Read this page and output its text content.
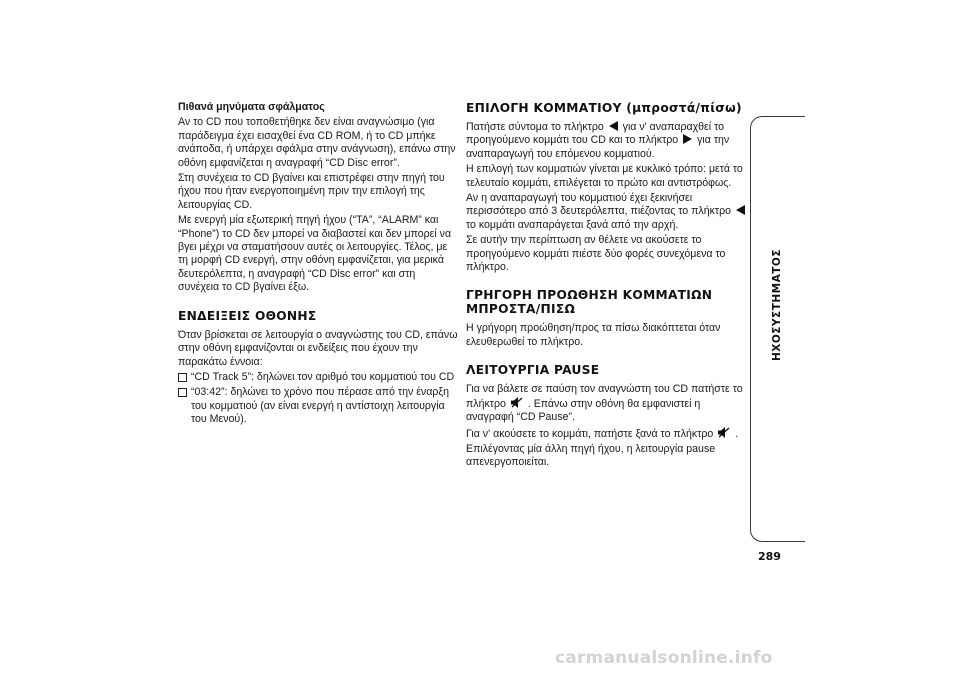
Πιθανά μηνύματα σφάλματος

Αν το CD που τοποθετήθηκε δεν είναι αναγνώσιμο (για παράδειγμα έχει εισαχθεί ένα CD ROM, ή το CD μπήκε ανάποδα, ή υπάρχει σφάλμα στην ανάγνωση), επάνω στην οθόνη εμφανίζεται η αναγραφή “CD Disc error”.

Στη συνέχεια το CD βγαίνει και επιστρέφει στην πηγή του ήχου που ήταν ενεργοποιημένη πριν την επιλογή της λειτουργίας CD.

Με ενεργή μία εξωτερική πηγή ήχου (“TA”, “ALARM” και “Phone”) το CD δεν μπορεί να διαβαστεί και δεν μπορεί να βγει μέχρι να σταματήσουν αυτές οι λειτουργίες. Τέλος, με τη μορφή CD ενεργή, στην οθόνη εμφανίζεται, για μερικά δευτερόλεπτα, η αναγραφή “CD Disc error” και στη συνέχεια το CD βγαίνει έξω.

ΕΝΔΕΙΞΕΙΣ ΟΘΟΝΗΣ

Όταν βρίσκεται σε λειτουργία ο αναγνώστης του CD, επάνω στην οθόνη εμφανίζονται οι ενδείξεις που έχουν την παρακάτω έννοια:

“CD Track 5”: δηλώνει τον αριθμό του κομματιού του CD
“03:42”: δηλώνει το χρόνο που πέρασε από την έναρξη του κομματιού (αν είναι ενεργή η αντίστοιχη λειτουργία του Μενού).
ΕΠΙΛΟΓΗ ΚΟΜΜΑΤΙΟΥ (μπροστά/πίσω)

Πατήστε σύντομα το πλήκτρο για ν' αναπαραχθεί το προηγούμενο κομμάτι του CD και το πλήκτρο για την αναπαραγωγή του επόμενου κομματιού.

Η επιλογή των κομματιών γίνεται με κυκλικό τρόπο: μετά το τελευταίο κομμάτι, επιλέγεται το πρώτο και αντιστρόφως.

Αν η αναπαραγωγή του κομματιού έχει ξεκινήσει περισσότερο από 3 δευτερόλεπτα, πιέζοντας το πλήκτρο  το κομμάτι αναπαράγεται ξανά από την αρχή.

Σε αυτήν την περίπτωση αν θέλετε να ακούσετε το προηγούμενο κομμάτι πιέστε δύο φορές συνεχόμενα το πλήκτρο.

ΓΡΗΓΟΡΗ ΠΡΟΩΘΗΣΗ ΚΟΜΜΑΤΙΩΝ ΜΠΡΟΣΤΑ/ΠΙΣΩ

Η γρήγορη προώθηση/προς τα πίσω διακόπτεται όταν ελευθερωθεί το πλήκτρο.

ΛΕΙΤΟΥΡΓΙΑ PAUSE

Για να βάλετε σε παύση τον αναγνώστη του CD πατήστε το πλήκτρο . Επάνω στην οθόνη θα εμφανιστεί η αναγραφή “CD Pause”.

Για ν' ακούσετε το κομμάτι, πατήστε ξανά το πλήκτρο .

Επιλέγοντας μία άλλη πηγή ήχου, η λειτουργία pause απενεργοποιείται.

ΗΧΟΣΥΣΤΗΜΑΤΟΣ
289
carmanualsonline.info
